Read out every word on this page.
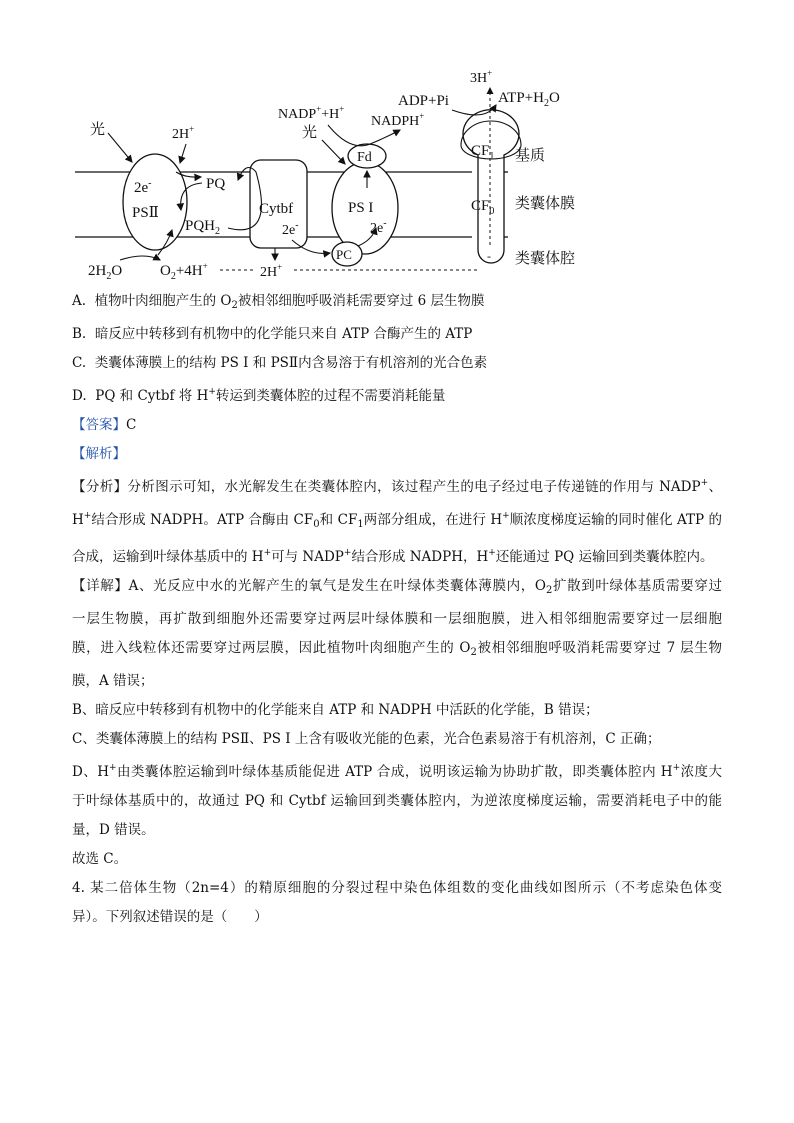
2e-
PSⅡ	Cytbf
2e-
PS I
2e-
Fd
PC
$CF_1$
$CF_0$
-
3H+
ADP+Pi	$ATP+H_2O$
NADP++H+
光
NADPH+
光	2H+
PQ
$PQH_2$
$2H_2O$	$O_2+4H^+$	2H+
基质
类囊体膜
类囊体腔
A. 植物叶肉细胞产生的 $O_2$被相邻细胞呼吸消耗需要穿过 6 层生物膜
B. 暗反应中转移到有机物中的化学能只来自 ATP 合酶产生的 ATP
C. 类囊体薄膜上的结构 PS I 和 PSⅡ内含易溶于有机溶剂的光合色素
D. PQ 和 Cytbf 将 H+转运到类囊体腔的过程不需要消耗能量
【答案】C
【解析】
【分析】分析图示可知，水光解发生在类囊体腔内，该过程产生的电子经过电子传递链的作用与 NADP+、
H+结合形成 NADPH。ATP 合酶由 $CF_0$和 $CF_1$两部分组成，在进行 H+顺浓度梯度运输的同时催化 ATP 的
合成，运输到叶绿体基质中的 H+可与 NADP+结合形成 NADPH，H+还能通过 PQ 运输回到类囊体腔内。
【详解】A、光反应中水的光解产生的氧气是发生在叶绿体类囊体薄膜内，$O_2$扩散到叶绿体基质需要穿过
一层生物膜，再扩散到细胞外还需要穿过两层叶绿体膜和一层细胞膜，进入相邻细胞需要穿过一层细胞
膜，进入线粒体还需要穿过两层膜，因此植物叶肉细胞产生的 $O_2$被相邻细胞呼吸消耗需要穿过 7 层生物
膜，A 错误；
B、暗反应中转移到有机物中的化学能来自 ATP 和 NADPH 中活跃的化学能，B 错误；
C、类囊体薄膜上的结构 PSⅡ、PS I 上含有吸收光能的色素，光合色素易溶于有机溶剂，C 正确；
D、H+由类囊体腔运输到叶绿体基质能促进 ATP 合成，说明该运输为协助扩散，即类囊体腔内 H+浓度大
于叶绿体基质中的，故通过 PQ 和 Cytbf 运输回到类囊体腔内，为逆浓度梯度运输，需要消耗电子中的能
量，D 错误。
故选 C。
4. 某二倍体生物（2n=4）的精原细胞的分裂过程中染色体组数的变化曲线如图所示（不考虑染色体变
异）。下列叙述错误的是（　　）
